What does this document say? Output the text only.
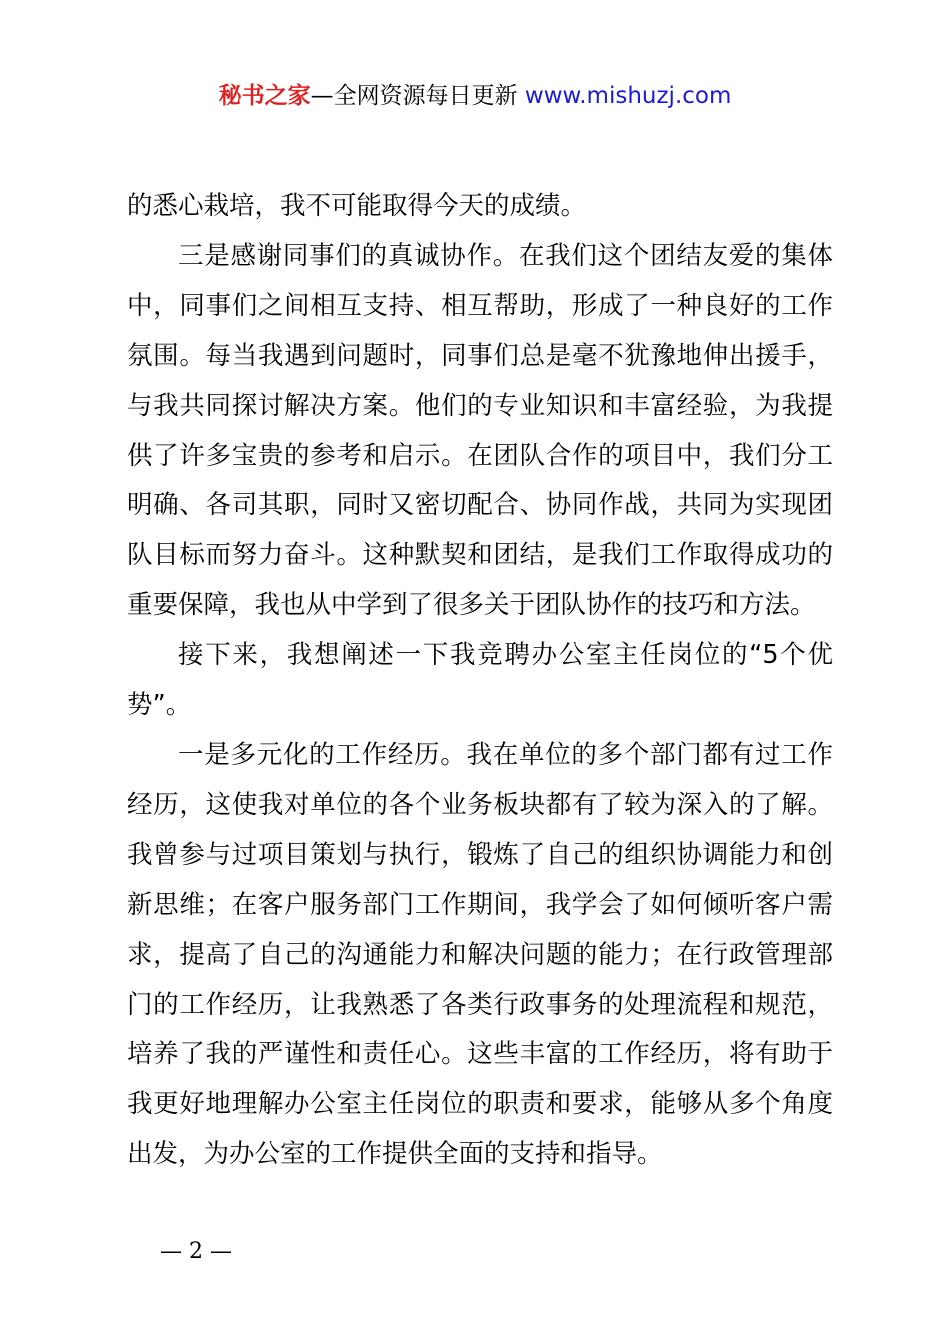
秘书之家—全网资源每日更新 www.mishuzj.com

的悉心栽培，我不可能取得今天的成绩。

三是感谢同事们的真诚协作。在我们这个团结友爱的集体中，同事们之间相互支持、相互帮助，形成了一种良好的工作氛围。每当我遇到问题时，同事们总是毫不犹豫地伸出援手，与我共同探讨解决方案。他们的专业知识和丰富经验，为我提供了许多宝贵的参考和启示。在团队合作的项目中，我们分工明确、各司其职，同时又密切配合、协同作战，共同为实现团队目标而努力奋斗。这种默契和团结，是我们工作取得成功的重要保障，我也从中学到了很多关于团队协作的技巧和方法。

接下来，我想阐述一下我竞聘办公室主任岗位的“5个优势”。

一是多元化的工作经历。我在单位的多个部门都有过工作经历，这使我对单位的各个业务板块都有了较为深入的了解。我曾参与过项目策划与执行，锻炼了自己的组织协调能力和创新思维；在客户服务部门工作期间，我学会了如何倾听客户需求，提高了自己的沟通能力和解决问题的能力；在行政管理部门的工作经历，让我熟悉了各类行政事务的处理流程和规范，培养了我的严谨性和责任心。这些丰富的工作经历，将有助于我更好地理解办公室主任岗位的职责和要求，能够从多个角度出发，为办公室的工作提供全面的支持和指导。

— 2 —
